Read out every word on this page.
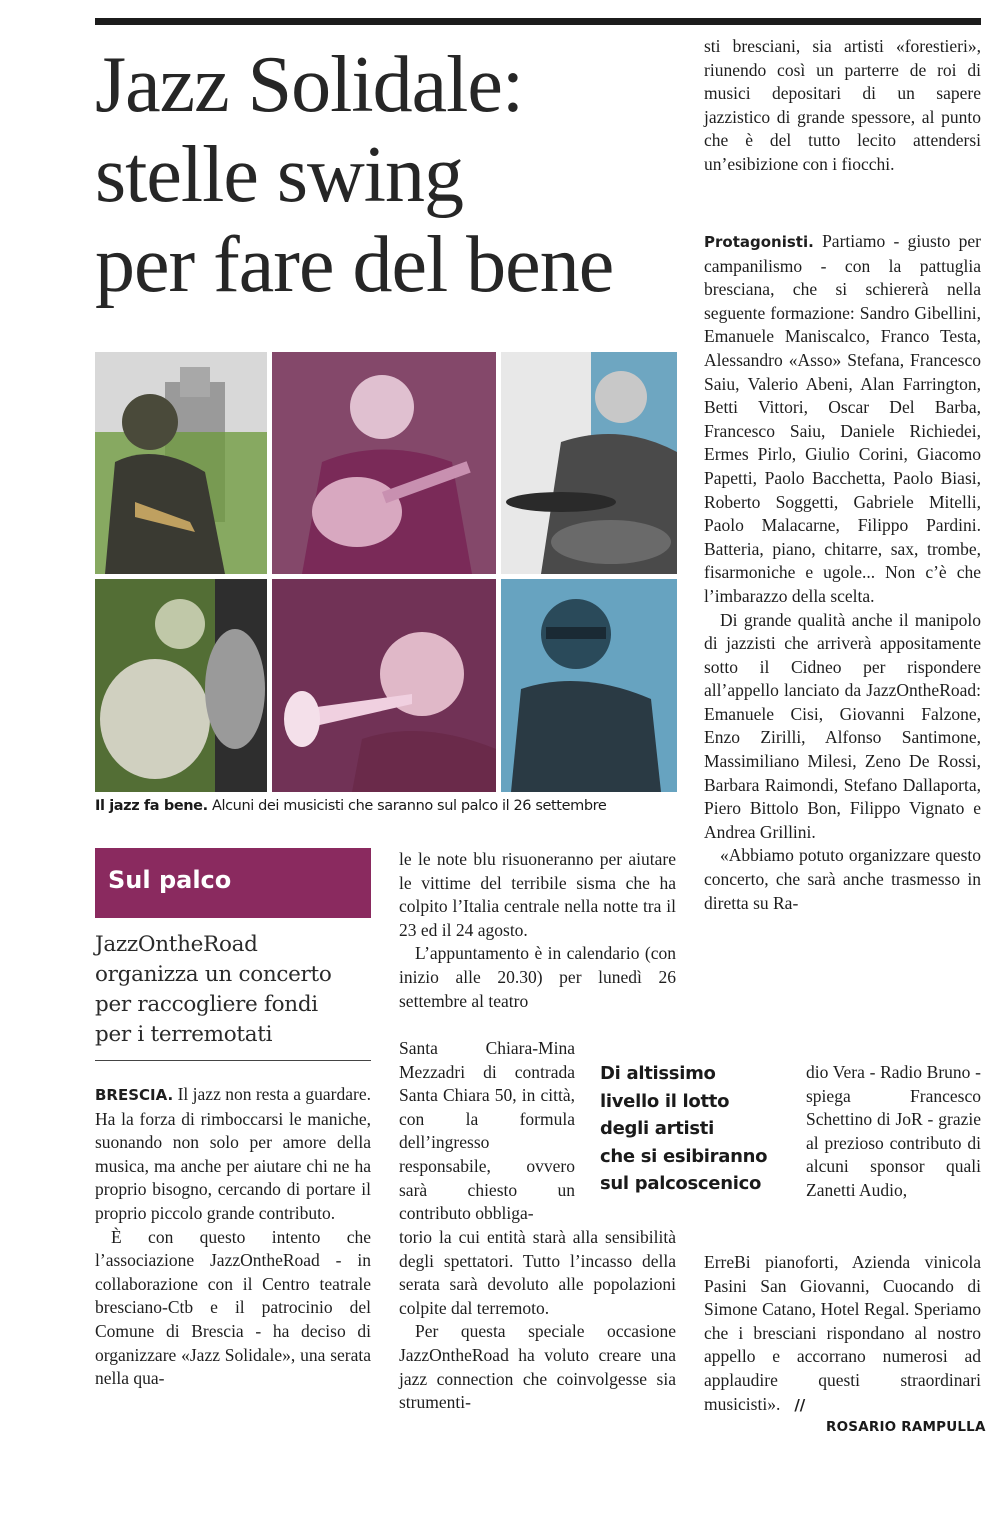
Jazz Solidale:
stelle swing
per fare del bene

sti bresciani, sia artisti «forestieri», riunendo così un parterre de roi di musici depositari di un sapere jazzistico di grande spessore, al punto che è del tutto lecito attendersi un’esibizione con i fiocchi.

Protagonisti. Partiamo - giusto per campanilismo - con la pattuglia bresciana, che si schiererà nella seguente formazione: Sandro Gibellini, Emanuele Maniscalco, Franco Testa, Alessandro «Asso» Stefana, Francesco Saiu, Valerio Abeni, Alan Farrington, Betti Vittori, Oscar Del Barba, Francesco Saiu, Daniele Richiedei, Ermes Pirlo, Giulio Corini, Giacomo Papetti, Paolo Bacchetta, Paolo Biasi, Roberto Soggetti, Gabriele Mitelli, Paolo Malacarne, Filippo Pardini. Batteria, piano, chitarre, sax, trombe, fisarmoniche e ugole... Non c’è che l’imbarazzo della scelta.

Di grande qualità anche il manipolo di jazzisti che arriverà appositamente sotto il Cidneo per rispondere all’appello lanciato da JazzOntheRoad: Emanuele Cisi, Giovanni Falzone, Enzo Zirilli, Alfonso Santimone, Massimiliano Milesi, Zeno De Rossi, Barbara Raimondi, Stefano Dallaporta, Piero Bittolo Bon, Filippo Vignato e Andrea Grillini.

«Abbiamo potuto organizzare questo concerto, che sarà anche trasmesso in diretta su Ra-

dio Vera - Radio Bruno - spiega Francesco Schettino di JoR - grazie al prezioso contributo di alcuni sponsor quali Zanetti Audio,

ErreBi pianoforti, Azienda vinicola Pasini San Giovanni, Cuocando di Simone Catano, Hotel Regal. Speriamo che i bresciani rispondano al nostro appello e accorrano numerosi ad applaudire questi straordinari musicisti». //

Il jazz fa bene. Alcuni dei musicisti che saranno sul palco il 26 settembre
Sul palco
JazzOntheRoad
organizza un concerto
per raccogliere fondi
per i terremotati

BRESCIA. Il jazz non resta a guardare. Ha la forza di rimboccarsi le maniche, suonando non solo per amore della musica, ma anche per aiutare chi ne ha proprio bisogno, cercando di portare il proprio piccolo grande contributo.

È con questo intento che l’associazione JazzOntheRoad - in collaborazione con il Centro teatrale bresciano-Ctb e il patrocinio del Comune di Brescia - ha deciso di organizzare «Jazz Solidale», una serata nella qua-

le le note blu risuoneranno per aiutare le vittime del terribile sisma che ha colpito l’Italia centrale nella notte tra il 23 ed il 24 agosto.

L’appuntamento è in calendario (con inizio alle 20.30) per lunedì 26 settembre al teatro

Santa Chiara-Mina Mezzadri di contrada Santa Chiara 50, in città, con la formula dell’ingresso responsabile, ovvero sarà chiesto un contributo obbliga-

torio la cui entità starà alla sensibilità degli spettatori. Tutto l’incasso della serata sarà devoluto alle popolazioni colpite dal terremoto.

Per questa speciale occasione JazzOntheRoad ha voluto creare una jazz connection che coinvolgesse sia strumenti-

Di altissimo
livello il lotto
degli artisti
che si esibiranno
sul palcoscenico
ROSARIO RAMPULLA
